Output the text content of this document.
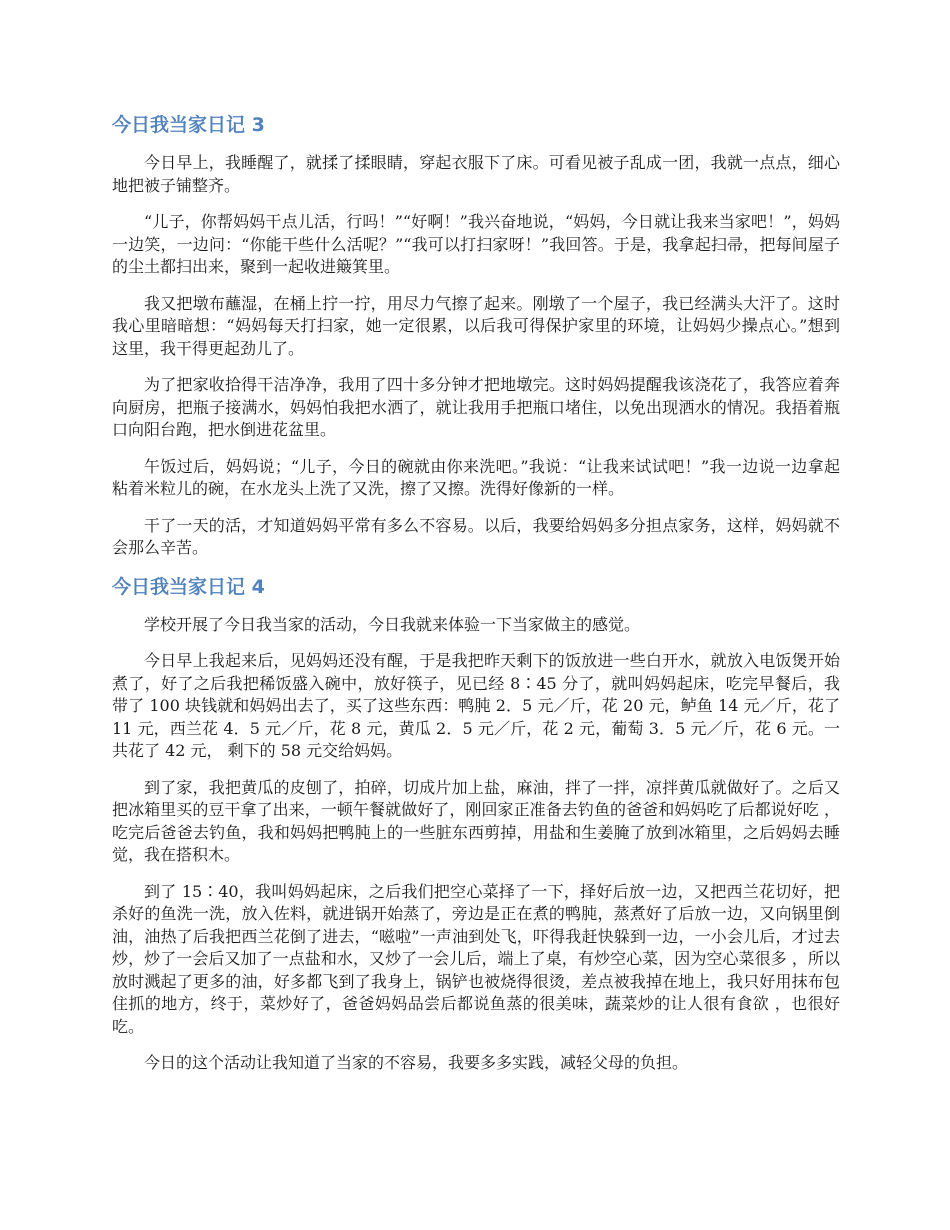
今日我当家日记 3

今日早上，我睡醒了，就揉了揉眼睛，穿起衣服下了床。可看见被子乱成一团，我就一点点，细心地把被子铺整齐。

“儿子，你帮妈妈干点儿活，行吗！”“好啊！”我兴奋地说，“妈妈，今日就让我来当家吧！”，妈妈一边笑，一边问：“你能干些什么活呢？”“我可以打扫家呀！”我回答。于是，我拿起扫帚，把每间屋子的尘土都扫出来，聚到一起收进簸箕里。

我又把墩布蘸湿，在桶上拧一拧，用尽力气擦了起来。刚墩了一个屋子，我已经满头大汗了。这时我心里暗暗想：“妈妈每天打扫家，她一定很累，以后我可得保护家里的环境，让妈妈少操点心。”想到这里，我干得更起劲儿了。

为了把家收拾得干洁净净，我用了四十多分钟才把地墩完。这时妈妈提醒我该浇花了，我答应着奔向厨房，把瓶子接满水，妈妈怕我把水洒了，就让我用手把瓶口堵住，以免出现洒水的情况。我捂着瓶口向阳台跑，把水倒进花盆里。

午饭过后，妈妈说；“儿子，今日的碗就由你来洗吧。”我说：“让我来试试吧！”我一边说一边拿起粘着米粒儿的碗，在水龙头上洗了又洗，擦了又擦。洗得好像新的一样。

干了一天的活，才知道妈妈平常有多么不容易。以后，我要给妈妈多分担点家务，这样，妈妈就不会那么辛苦。

今日我当家日记 4

学校开展了今日我当家的活动，今日我就来体验一下当家做主的感觉。

今日早上我起来后，见妈妈还没有醒，于是我把昨天剩下的饭放进一些白开水，就放入电饭煲开始煮了，好了之后我把稀饭盛入碗中，放好筷子，见已经 8∶45 分了，就叫妈妈起床，吃完早餐后，我 带了 100 块钱就和妈妈出去了，买了这些东西：鸭肫 2．5 元／斤，花 20 元，鲈鱼 14 元／斤，花了 11 元，西兰花 4．5 元／斤，花 8 元，黄瓜 2．5 元／斤，花 2 元，葡萄 3．5 元／斤，花 6 元。一共花了 42 元， 剩下的 58 元交给妈妈。

到了家，我把黄瓜的皮刨了，拍碎，切成片加上盐，麻油，拌了一拌，凉拌黄瓜就做好了。之后又把冰箱里买的豆干拿了出来，一顿午餐就做好了，刚回家正准备去钓鱼的爸爸和妈妈吃了后都说好吃 ，吃完后爸爸去钓鱼，我和妈妈把鸭肫上的一些脏东西剪掉，用盐和生姜腌了放到冰箱里，之后妈妈去睡觉，我在搭积木。

到了 15∶40，我叫妈妈起床，之后我们把空心菜择了一下，择好后放一边，又把西兰花切好，把杀好的鱼洗一洗，放入佐料，就进锅开始蒸了，旁边是正在煮的鸭肫，蒸煮好了后放一边，又向锅里倒 油，油热了后我把西兰花倒了进去，“嗞啦”一声油到处飞，吓得我赶快躲到一边，一小会儿后，才过去炒，炒了一会后又加了一点盐和水，又炒了一会儿后，端上了桌，有炒空心菜，因为空心菜很多 ，所以放时溅起了更多的油，好多都飞到了我身上，锅铲也被烧得很烫，差点被我掉在地上，我只好用抹布包住抓的地方，终于，菜炒好了，爸爸妈妈品尝后都说鱼蒸的很美味，蔬菜炒的让人很有食欲 ，也很好吃。

今日的这个活动让我知道了当家的不容易，我要多多实践，减轻父母的负担。
